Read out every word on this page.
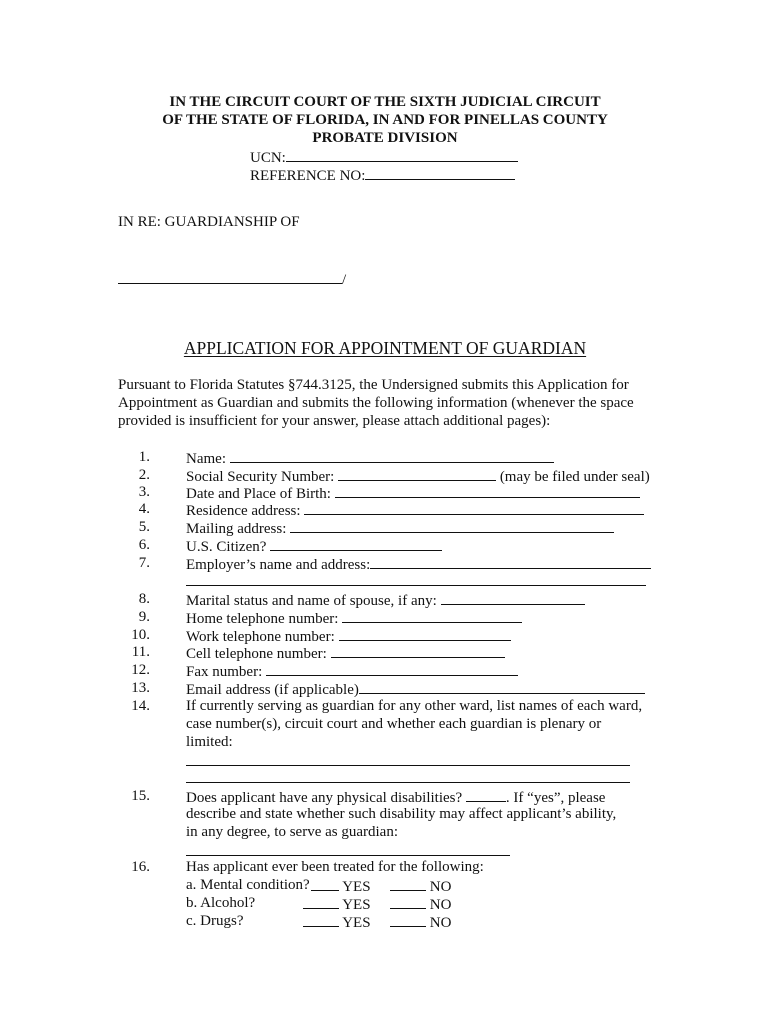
IN THE CIRCUIT COURT OF THE SIXTH JUDICIAL CIRCUIT
OF THE STATE OF FLORIDA, IN AND FOR PINELLAS COUNTY
PROBATE DIVISION
UCN:
REFERENCE NO:
IN RE: GUARDIANSHIP OF
/
APPLICATION FOR APPOINTMENT OF GUARDIAN
Pursuant to Florida Statutes §744.3125, the Undersigned submits this Application for Appointment as Guardian and submits the following information (whenever the space provided is insufficient for your answer, please attach additional pages):
1. Name:
2. Social Security Number:	(may be filed under seal)
3. Date and Place of Birth:
4. Residence address:
5. Mailing address:
6. U.S. Citizen?
7. Employer’s name and address:
8. Marital status and name of spouse, if any:
9. Home telephone number:
10. Work telephone number:
11. Cell telephone number:
12. Fax number:
13. Email address (if applicable)
14. If currently serving as guardian for any other ward, list names of each ward,
case number(s), circuit court and whether each guardian is plenary or
limited:
15. Does applicant have any physical disabilities?	. If “yes”, please
describe and state whether such disability may affect applicant’s ability,
in any degree, to serve as guardian:
16. Has applicant ever been treated for the following:
a. Mental condition?	YES	NO
b. Alcohol?	YES	NO
c. Drugs?	YES	NO
